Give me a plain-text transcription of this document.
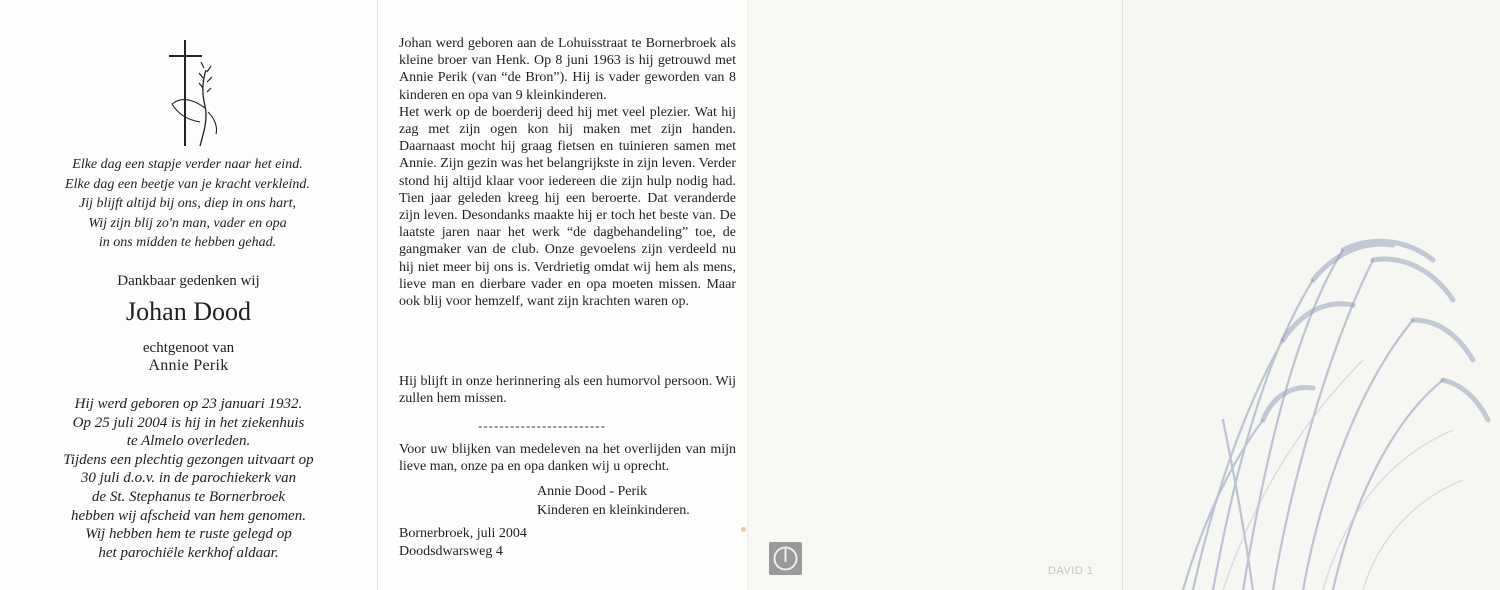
Elke dag een stapje verder naar het eind.
Elke dag een beetje van je kracht verkleind.
Jij blijft altijd bij ons, diep in ons hart,
Wij zijn blij zo'n man, vader en opa
in ons midden te hebben gehad.
Dankbaar gedenken wij
Johan Dood
echtgenoot van
Annie Perik
Hij werd geboren op 23 januari 1932.
Op 25 juli 2004 is hij in het ziekenhuis
te Almelo overleden.
Tijdens een plechtig gezongen uitvaart op
30 juli d.o.v. in de parochiekerk van
de St. Stephanus te Bornerbroek
hebben wij afscheid van hem genomen.
Wij hebben hem te ruste gelegd op
het parochiële kerkhof aldaar.

Johan werd geboren aan de Lohuisstraat te Bornerbroek als kleine broer van Henk. Op 8 juni 1963 is hij getrouwd met Annie Perik (van “de Bron”). Hij is vader geworden van 8 kinderen en opa van 9 kleinkinderen.

Het werk op de boerderij deed hij met veel plezier. Wat hij zag met zijn ogen kon hij maken met zijn handen. Daarnaast mocht hij graag fietsen en tuinieren samen met Annie. Zijn gezin was het belangrijkste in zijn leven. Verder stond hij altijd klaar voor iedereen die zijn hulp nodig had. Tien jaar geleden kreeg hij een beroerte. Dat veranderde zijn leven. Desondanks maakte hij er toch het beste van. De laatste jaren naar het werk “de dagbehandeling” toe, de gangmaker van de club. Onze gevoelens zijn verdeeld nu hij niet meer bij ons is. Verdrietig omdat wij hem als mens, lieve man en dierbare vader en opa moeten missen. Maar ook blij voor hemzelf, want zijn krachten waren op.

Hij blijft in onze herinnering als een humorvol persoon. Wij zullen hem missen.

------------------------

Voor uw blijken van medeleven na het overlijden van mijn lieve man, onze pa en opa danken wij u oprecht.

Annie Dood - Perik
Kinderen en kleinkinderen.
Bornerbroek, juli 2004
Doodsdwarsweg 4
DAVID 1
